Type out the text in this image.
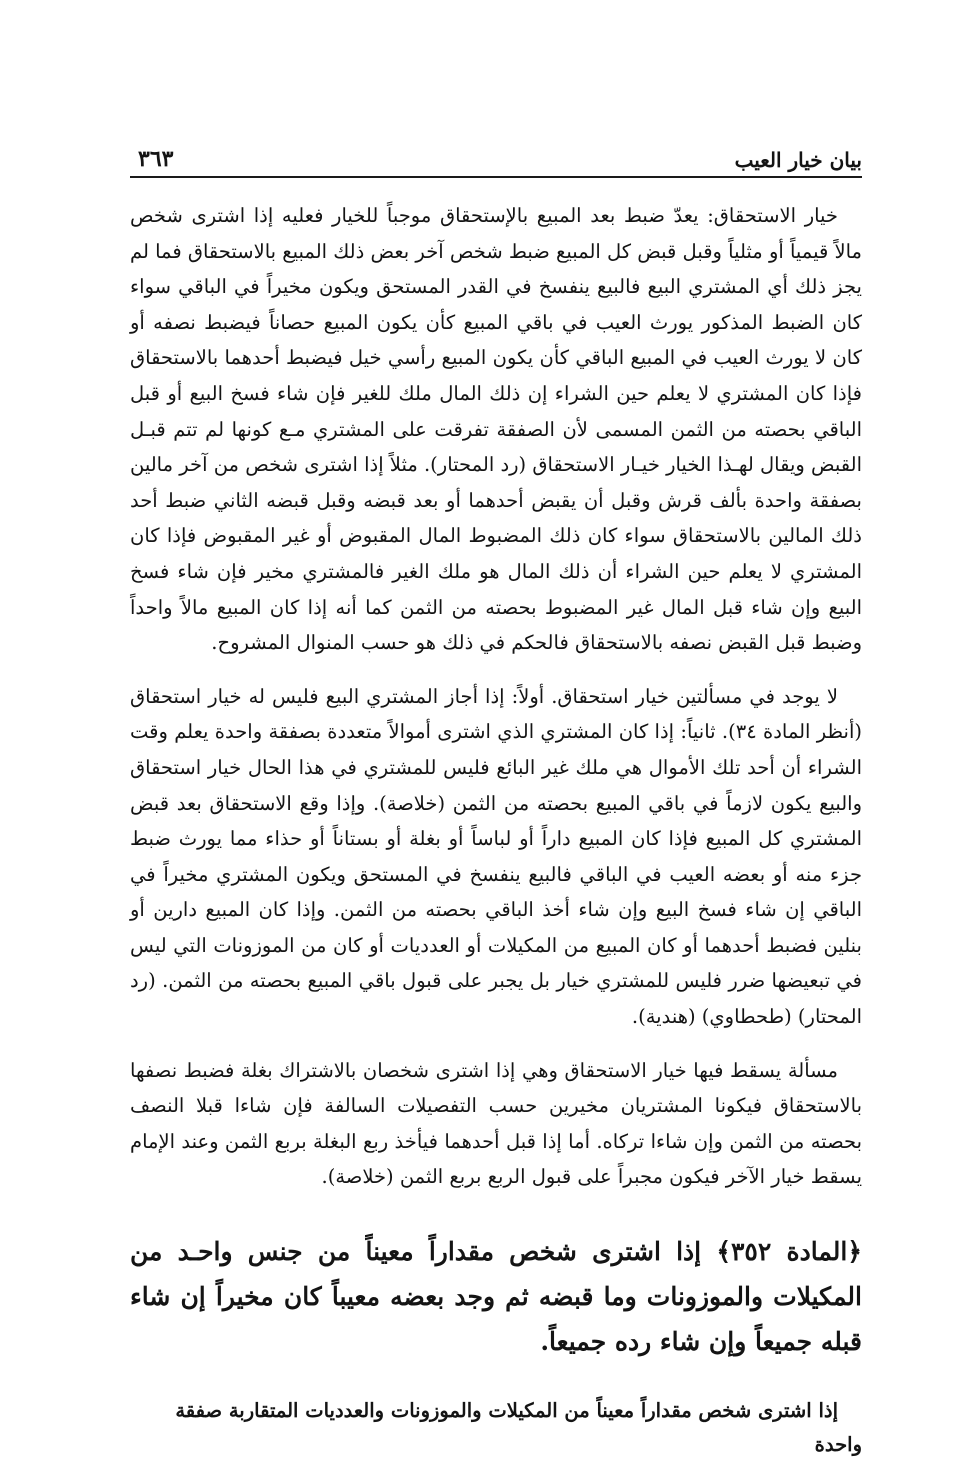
بيان خيار العيب
٣٦٣

خيار الاستحقاق: يعدّ ضبط بعد المبيع بالإستحقاق موجباً للخيار فعليه إذا اشترى شخص مالاً قيمياً أو مثلياً وقبل قبض كل المبيع ضبط شخص آخر بعض ذلك المبيع بالاستحقاق فما لم يجز ذلك أي المشتري البيع فالبيع ينفسخ في القدر المستحق ويكون مخيراً في الباقي سواء كان الضبط المذكور يورث العيب في باقي المبيع كأن يكون المبيع حصاناً فيضبط نصفه أو كان لا يورث العيب في المبيع الباقي كأن يكون المبيع رأسي خيل فيضبط أحدهما بالاستحقاق فإذا كان المشتري لا يعلم حين الشراء إن ذلك المال ملك للغير فإن شاء فسخ البيع أو قبل الباقي بحصته من الثمن المسمى لأن الصفقة تفرقت على المشتري مـع كونها لم تتم قبـل القبض ويقال لهـذا الخيار خيـار الاستحقاق (رد المحتار). مثلاً إذا اشترى شخص من آخر مالين بصفقة واحدة بألف قرش وقبل أن يقبض أحدهما أو بعد قبضه وقبل قبضه الثاني ضبط أحد ذلك المالين بالاستحقاق سواء كان ذلك المضبوط المال المقبوض أو غير المقبوض فإذا كان المشتري لا يعلم حين الشراء أن ذلك المال هو ملك الغير فالمشتري مخير فإن شاء فسخ البيع وإن شاء قبل المال غير المضبوط بحصته من الثمن كما أنه إذا كان المبيع مالاً واحداً وضبط قبل القبض نصفه بالاستحقاق فالحكم في ذلك هو حسب المنوال المشروح.

لا يوجد في مسألتين خيار استحقاق. أولاً: إذا أجاز المشتري البيع فليس له خيار استحقاق (أنظر المادة ٣٤). ثانياً: إذا كان المشتري الذي اشترى أموالاً متعددة بصفقة واحدة يعلم وقت الشراء أن أحد تلك الأموال هي ملك غير البائع فليس للمشتري في هذا الحال خيار استحقاق والبيع يكون لازماً في باقي المبيع بحصته من الثمن (خلاصة). وإذا وقع الاستحقاق بعد قبض المشتري كل المبيع فإذا كان المبيع داراً أو لباساً أو بغلة أو بستاناً أو حذاء مما يورث ضبط جزء منه أو بعضه العيب في الباقي فالبيع ينفسخ في المستحق ويكون المشتري مخيراً في الباقي إن شاء فسخ البيع وإن شاء أخذ الباقي بحصته من الثمن. وإذا كان المبيع دارين أو بنلين فضبط أحدهما أو كان المبيع من المكيلات أو العدديات أو كان من الموزونات التي ليس في تبعيضها ضرر فليس للمشتري خيار بل يجبر على قبول باقي المبيع بحصته من الثمن. (رد المحتار) (طحطاوي) (هندية).

مسألة يسقط فيها خيار الاستحقاق وهي إذا اشترى شخصان بالاشتراك بغلة فضبط نصفها بالاستحقاق فيكونا المشتريان مخيرين حسب التفصيلات السالفة فإن شاءا قبلا النصف بحصته من الثمن وإن شاءا تركاه. أما إذا قبل أحدهما فيأخذ ربع البغلة بربع الثمن وعند الإمام يسقط خيار الآخر فيكون مجبراً على قبول الربع بربع الثمن (خلاصة).

﴿المادة ٣٥٢﴾ إذا اشترى شخص مقداراً معيناً من جنس واحـد من المكيلات والموزونات وما قبضه ثم وجد بعضه معيباً كان مخيراً إن شاء قبله جميعاً وإن شاء رده جميعاً.

إذا اشترى شخص مقداراً معيناً من المكيلات والموزونات والعدديات المتقاربة صفقة واحدة
